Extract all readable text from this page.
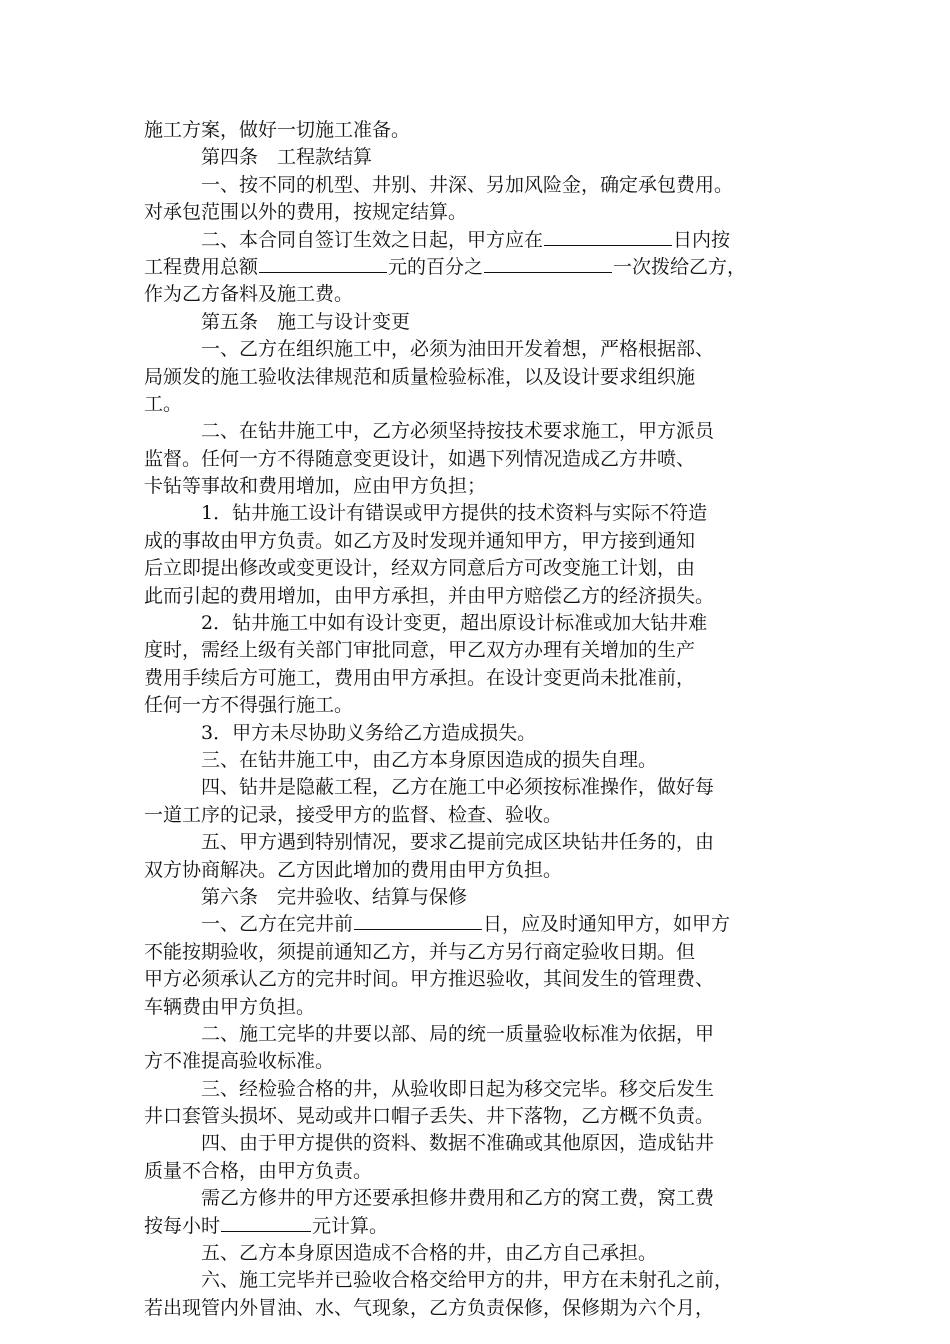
施工方案，做好一切施工准备。
第四条　工程款结算
一、按不同的机型、井别、井深、另加风险金，确定承包费用。
对承包范围以外的费用，按规定结算。
二、本合同自签订生效之日起，甲方应在	日内按
工程费用总额	元的百分之	一次拨给乙方，
作为乙方备料及施工费。
第五条　施工与设计变更
一、乙方在组织施工中，必须为油田开发着想，严格根据部、
局颁发的施工验收法律规范和质量检验标准，以及设计要求组织施
工。
二、在钻井施工中，乙方必须坚持按技术要求施工，甲方派员
监督。任何一方不得随意变更设计，如遇下列情况造成乙方井喷、
卡钻等事故和费用增加，应由甲方负担；
1．钻井施工设计有错误或甲方提供的技术资料与实际不符造
成的事故由甲方负责。如乙方及时发现并通知甲方，甲方接到通知
后立即提出修改或变更设计，经双方同意后方可改变施工计划，由
此而引起的费用增加，由甲方承担，并由甲方赔偿乙方的经济损失。
2．钻井施工中如有设计变更，超出原设计标准或加大钻井难
度时，需经上级有关部门审批同意，甲乙双方办理有关增加的生产
费用手续后方可施工，费用由甲方承担。在设计变更尚未批准前，
任何一方不得强行施工。
3．甲方未尽协助义务给乙方造成损失。
三、在钻井施工中，由乙方本身原因造成的损失自理。
四、钻井是隐蔽工程，乙方在施工中必须按标准操作，做好每
一道工序的记录，接受甲方的监督、检查、验收。
五、甲方遇到特别情况，要求乙提前完成区块钻井任务的，由
双方协商解决。乙方因此增加的费用由甲方负担。
第六条　完井验收、结算与保修
一、乙方在完井前	日，应及时通知甲方，如甲方
不能按期验收，须提前通知乙方，并与乙方另行商定验收日期。但
甲方必须承认乙方的完井时间。甲方推迟验收，其间发生的管理费、
车辆费由甲方负担。
二、施工完毕的井要以部、局的统一质量验收标准为依据，甲
方不准提高验收标准。
三、经检验合格的井，从验收即日起为移交完毕。移交后发生
井口套管头损坏、晃动或井口帽子丢失、井下落物，乙方概不负责。
四、由于甲方提供的资料、数据不准确或其他原因，造成钻井
质量不合格，由甲方负责。
需乙方修井的甲方还要承担修井费用和乙方的窝工费，窝工费
按每小时	元计算。
五、乙方本身原因造成不合格的井，由乙方自己承担。
六、施工完毕并已验收合格交给甲方的井，甲方在未射孔之前，
若出现管内外冒油、水、气现象，乙方负责保修，保修期为六个月，
